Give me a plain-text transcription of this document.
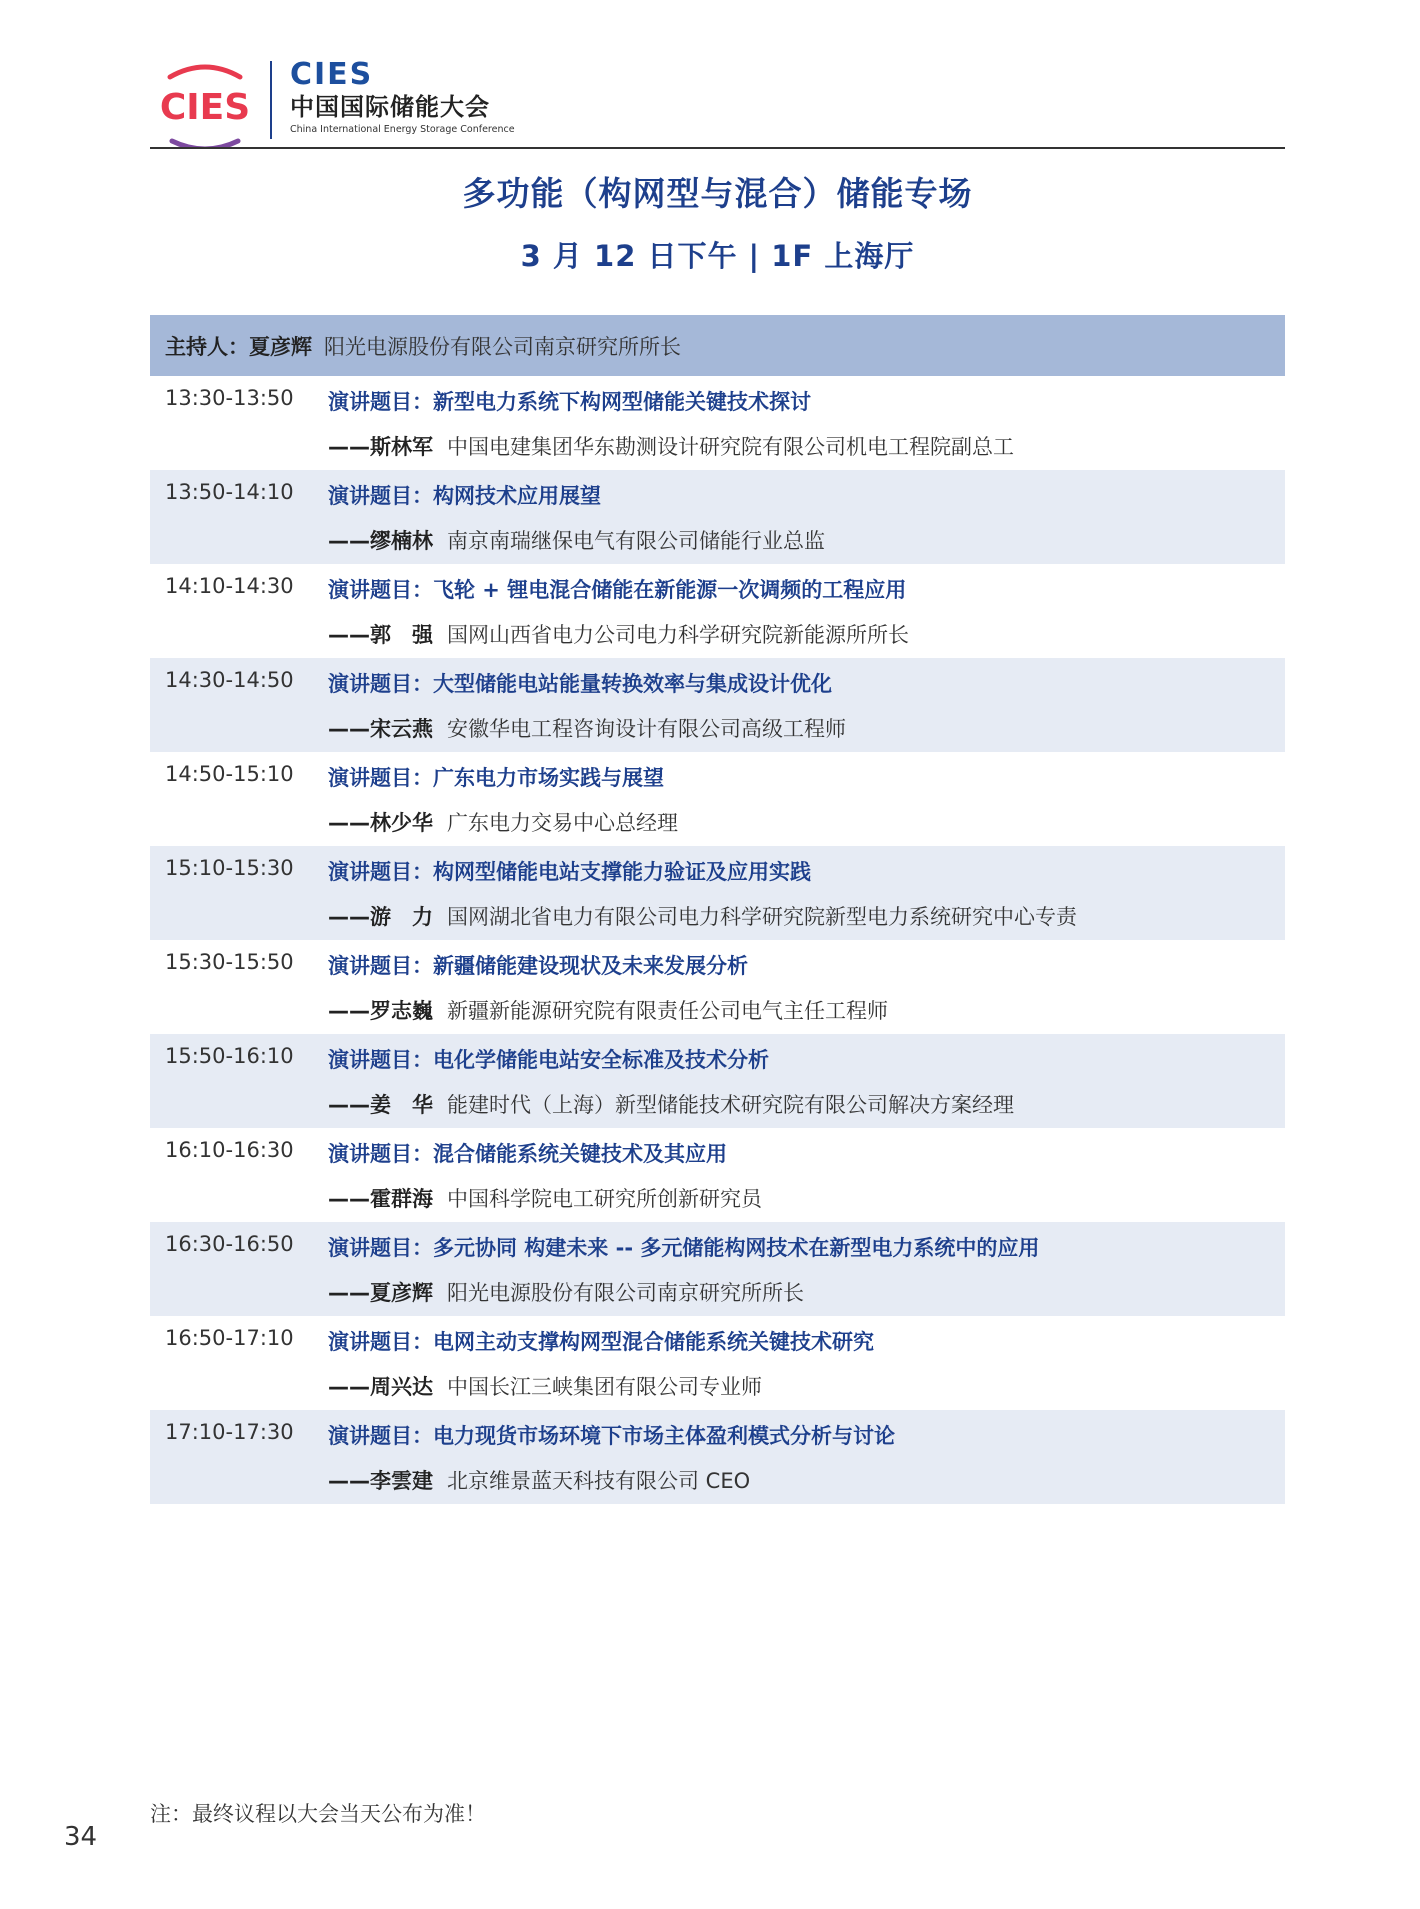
CIES
CIES
中国国际储能大会
China International Energy Storage Conference
多功能（构网型与混合）储能专场
3 月 12 日下午 | 1F 上海厅
主持人：夏彦辉 阳光电源股份有限公司南京研究所所长
13:30-13:50 演讲题目：新型电力系统下构网型储能关键技术探讨
——斯林军 中国电建集团华东勘测设计研究院有限公司机电工程院副总工
13:50-14:10 演讲题目：构网技术应用展望
——缪楠林 南京南瑞继保电气有限公司储能行业总监
14:10-14:30 演讲题目：飞轮 + 锂电混合储能在新能源一次调频的工程应用
——郭　强 国网山西省电力公司电力科学研究院新能源所所长
14:30-14:50 演讲题目：大型储能电站能量转换效率与集成设计优化
——宋云燕 安徽华电工程咨询设计有限公司高级工程师
14:50-15:10 演讲题目：广东电力市场实践与展望
——林少华 广东电力交易中心总经理
15:10-15:30 演讲题目：构网型储能电站支撑能力验证及应用实践
——游　力 国网湖北省电力有限公司电力科学研究院新型电力系统研究中心专责
15:30-15:50 演讲题目：新疆储能建设现状及未来发展分析
——罗志巍 新疆新能源研究院有限责任公司电气主任工程师
15:50-16:10 演讲题目：电化学储能电站安全标准及技术分析
——姜　华 能建时代（上海）新型储能技术研究院有限公司解决方案经理
16:10-16:30 演讲题目：混合储能系统关键技术及其应用
——霍群海 中国科学院电工研究所创新研究员
16:30-16:50 演讲题目：多元协同 构建未来 -- 多元储能构网技术在新型电力系统中的应用
——夏彦辉 阳光电源股份有限公司南京研究所所长
16:50-17:10 演讲题目：电网主动支撑构网型混合储能系统关键技术研究
——周兴达 中国长江三峡集团有限公司专业师
17:10-17:30 演讲题目：电力现货市场环境下市场主体盈利模式分析与讨论
——李雲建 北京维景蓝天科技有限公司 CEO
注：最终议程以大会当天公布为准！
34
